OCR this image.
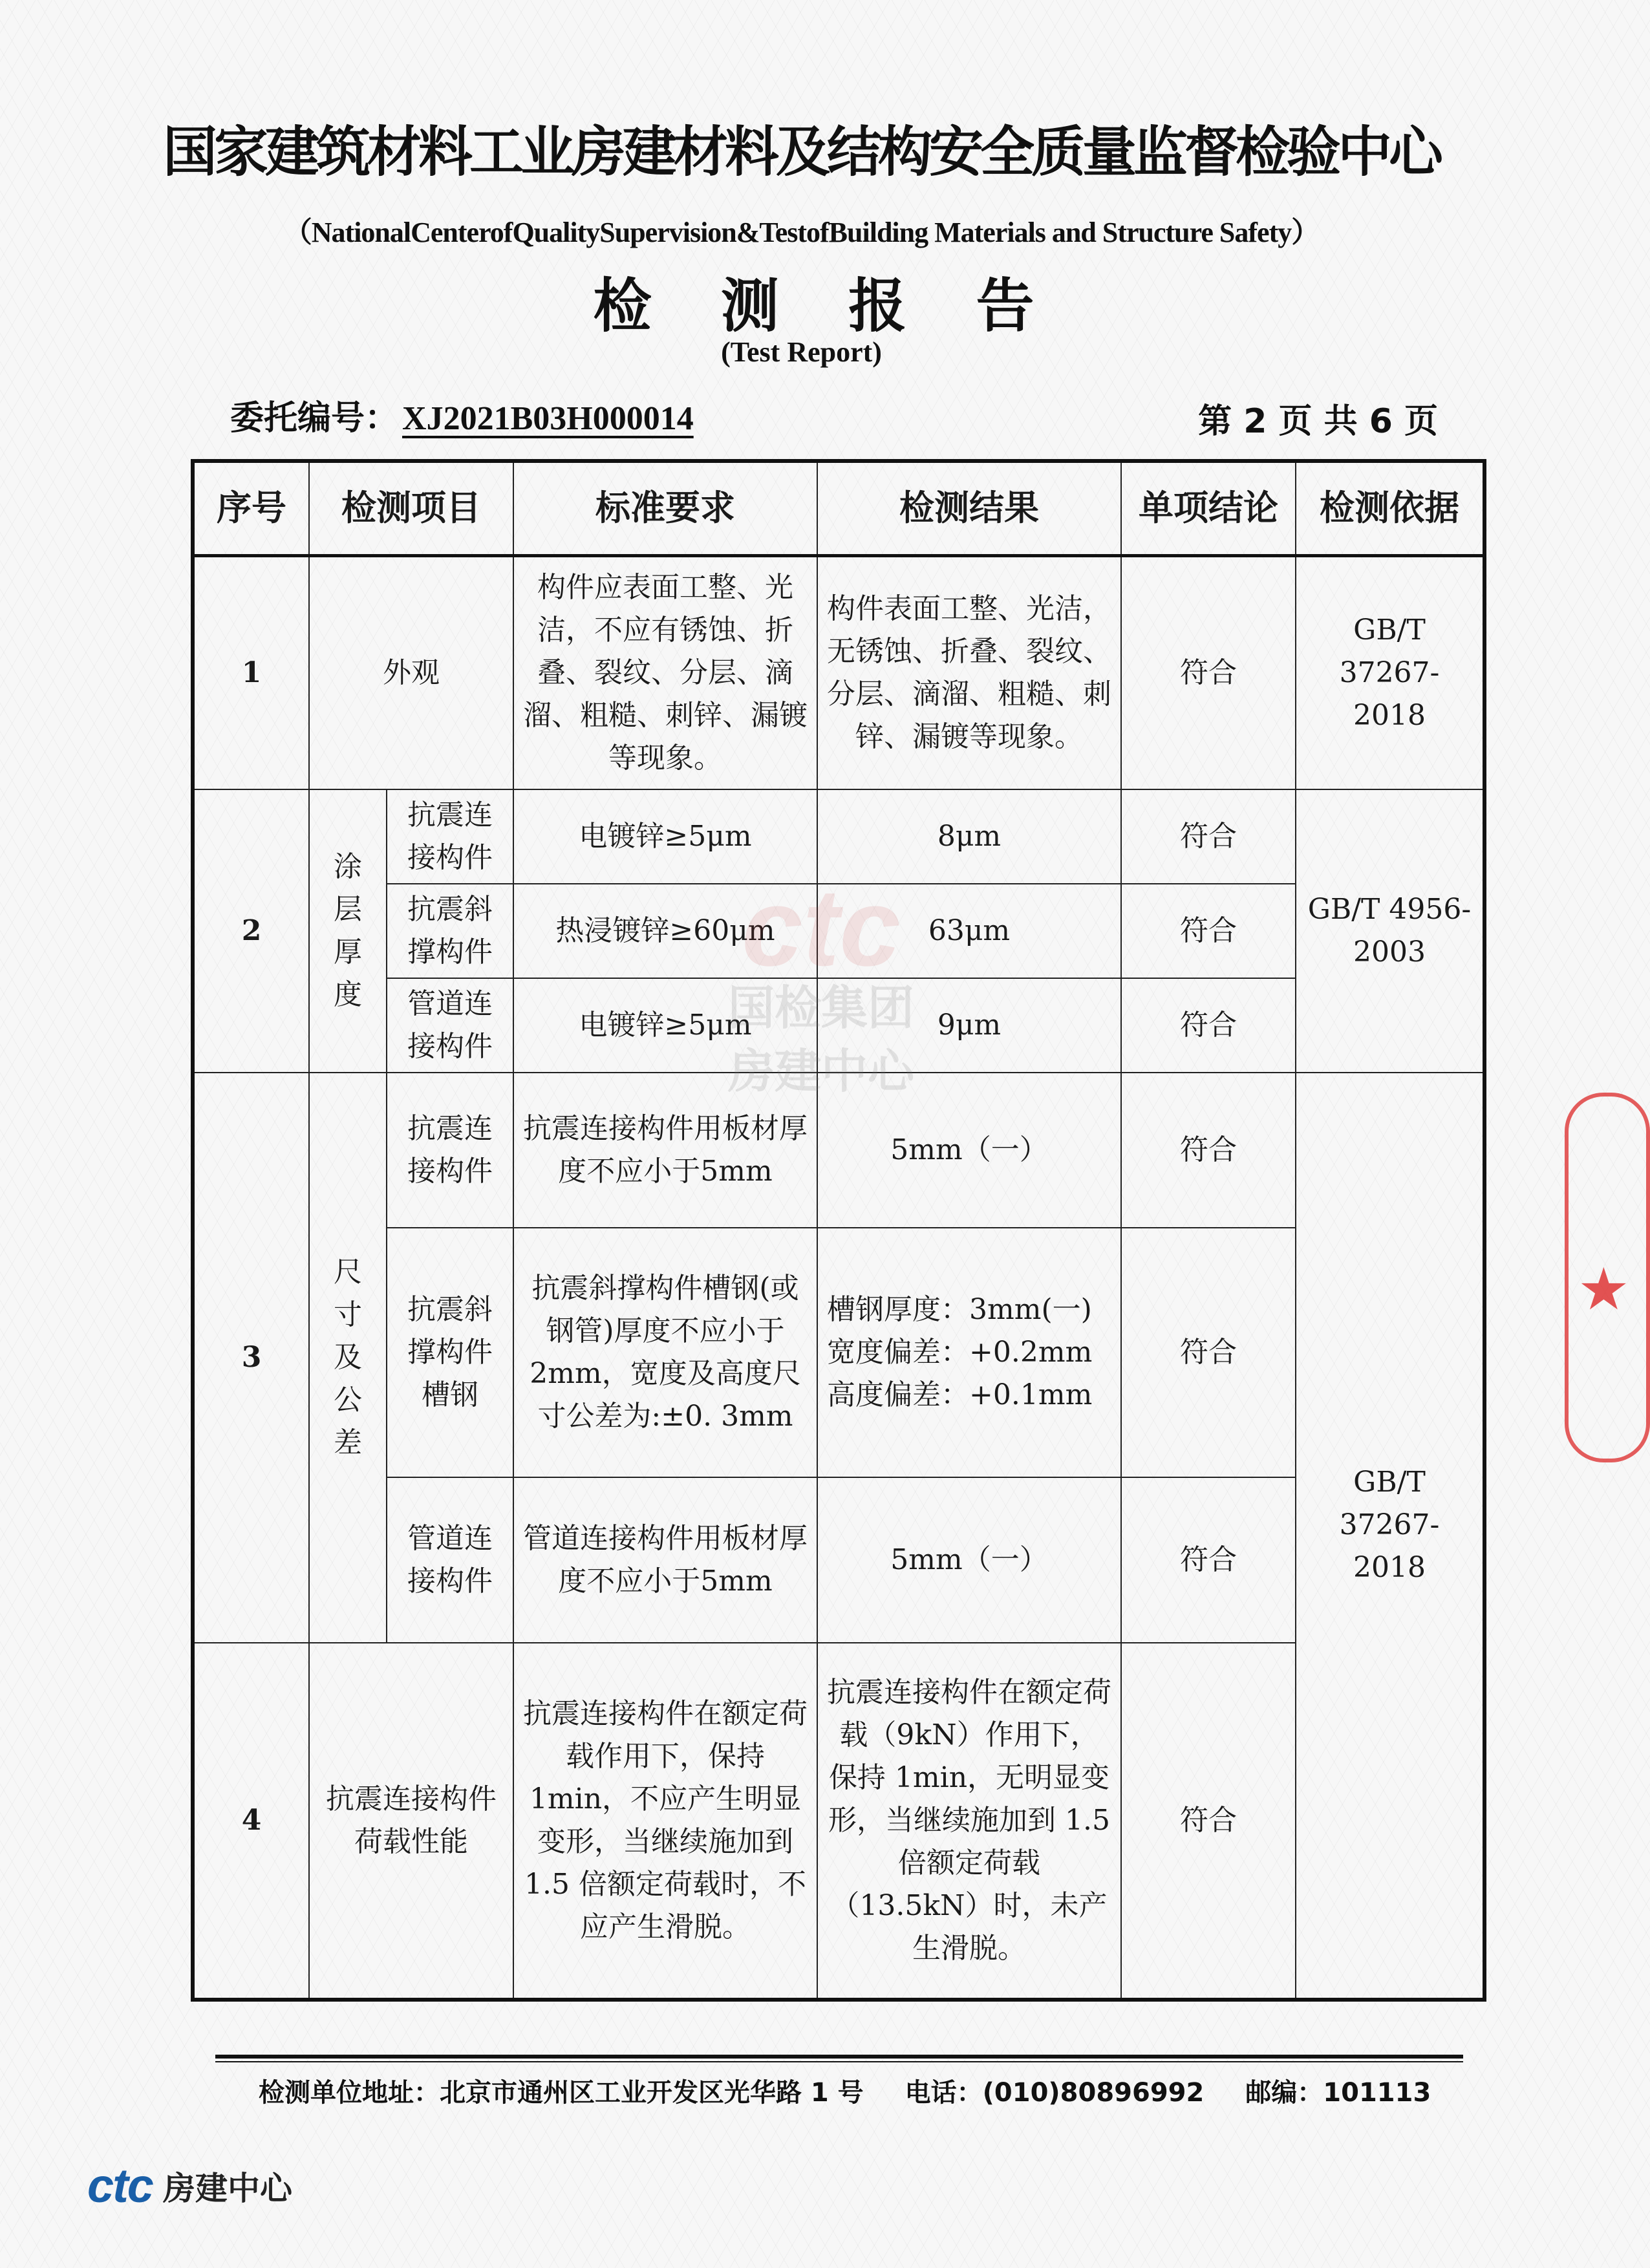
国家建筑材料工业房建材料及结构安全质量监督检验中心
（NationalCenterofQualitySupervision&TestofBuilding Materials and Structure Safety）
检 测 报 告
(Test Report)
委托编号： XJ2021B03H000014	第 2 页 共 6 页
序号	检测项目		标准要求	检测结果	单项结论	检测依据
1	外观		构件应表面工整、光洁，不应有锈蚀、折叠、裂纹、分层、滴溜、粗糙、刺锌、漏镀等现象。	构件表面工整、光洁，无锈蚀、折叠、裂纹、分层、滴溜、粗糙、刺锌、漏镀等现象。	符合	GB/T 37267-2018
2	涂层厚度	抗震连接构件	电镀锌≥5μm	8μm	符合	GB/T 4956-2003
		抗震斜撑构件	热浸镀锌≥60μm	63μm	符合	
		管道连接构件	电镀锌≥5μm	9μm	符合	
3	尺寸及公差	抗震连接构件	抗震连接构件用板材厚度不应小于5mm	5mm（一）	符合	GB/T 37267-2018
		抗震斜撑构件槽钢	抗震斜撑构件槽钢(或钢管)厚度不应小于 2mm，宽度及高度尺寸公差为:±0. 3mm	槽钢厚度：3mm(一)
宽度偏差：+0.2mm
高度偏差：+0.1mm	符合	
		管道连接构件	管道连接构件用板材厚度不应小于5mm	5mm（一）	符合	
4	抗震连接构件荷载性能		抗震连接构件在额定荷载作用下，保持 1min，不应产生明显变形，当继续施加到 1.5 倍额定荷载时，不应产生滑脱。	抗震连接构件在额定荷载（9kN）作用下，保持 1min，无明显变形，当继续施加到 1.5 倍额定荷载（13.5kN）时，未产生滑脱。	符合	
ctc
国检集团
房建中心
★
检测单位地址：北京市通州区工业开发区光华路 1 号 电话：(010)80896992 邮编：101113
ctc 房建中心
